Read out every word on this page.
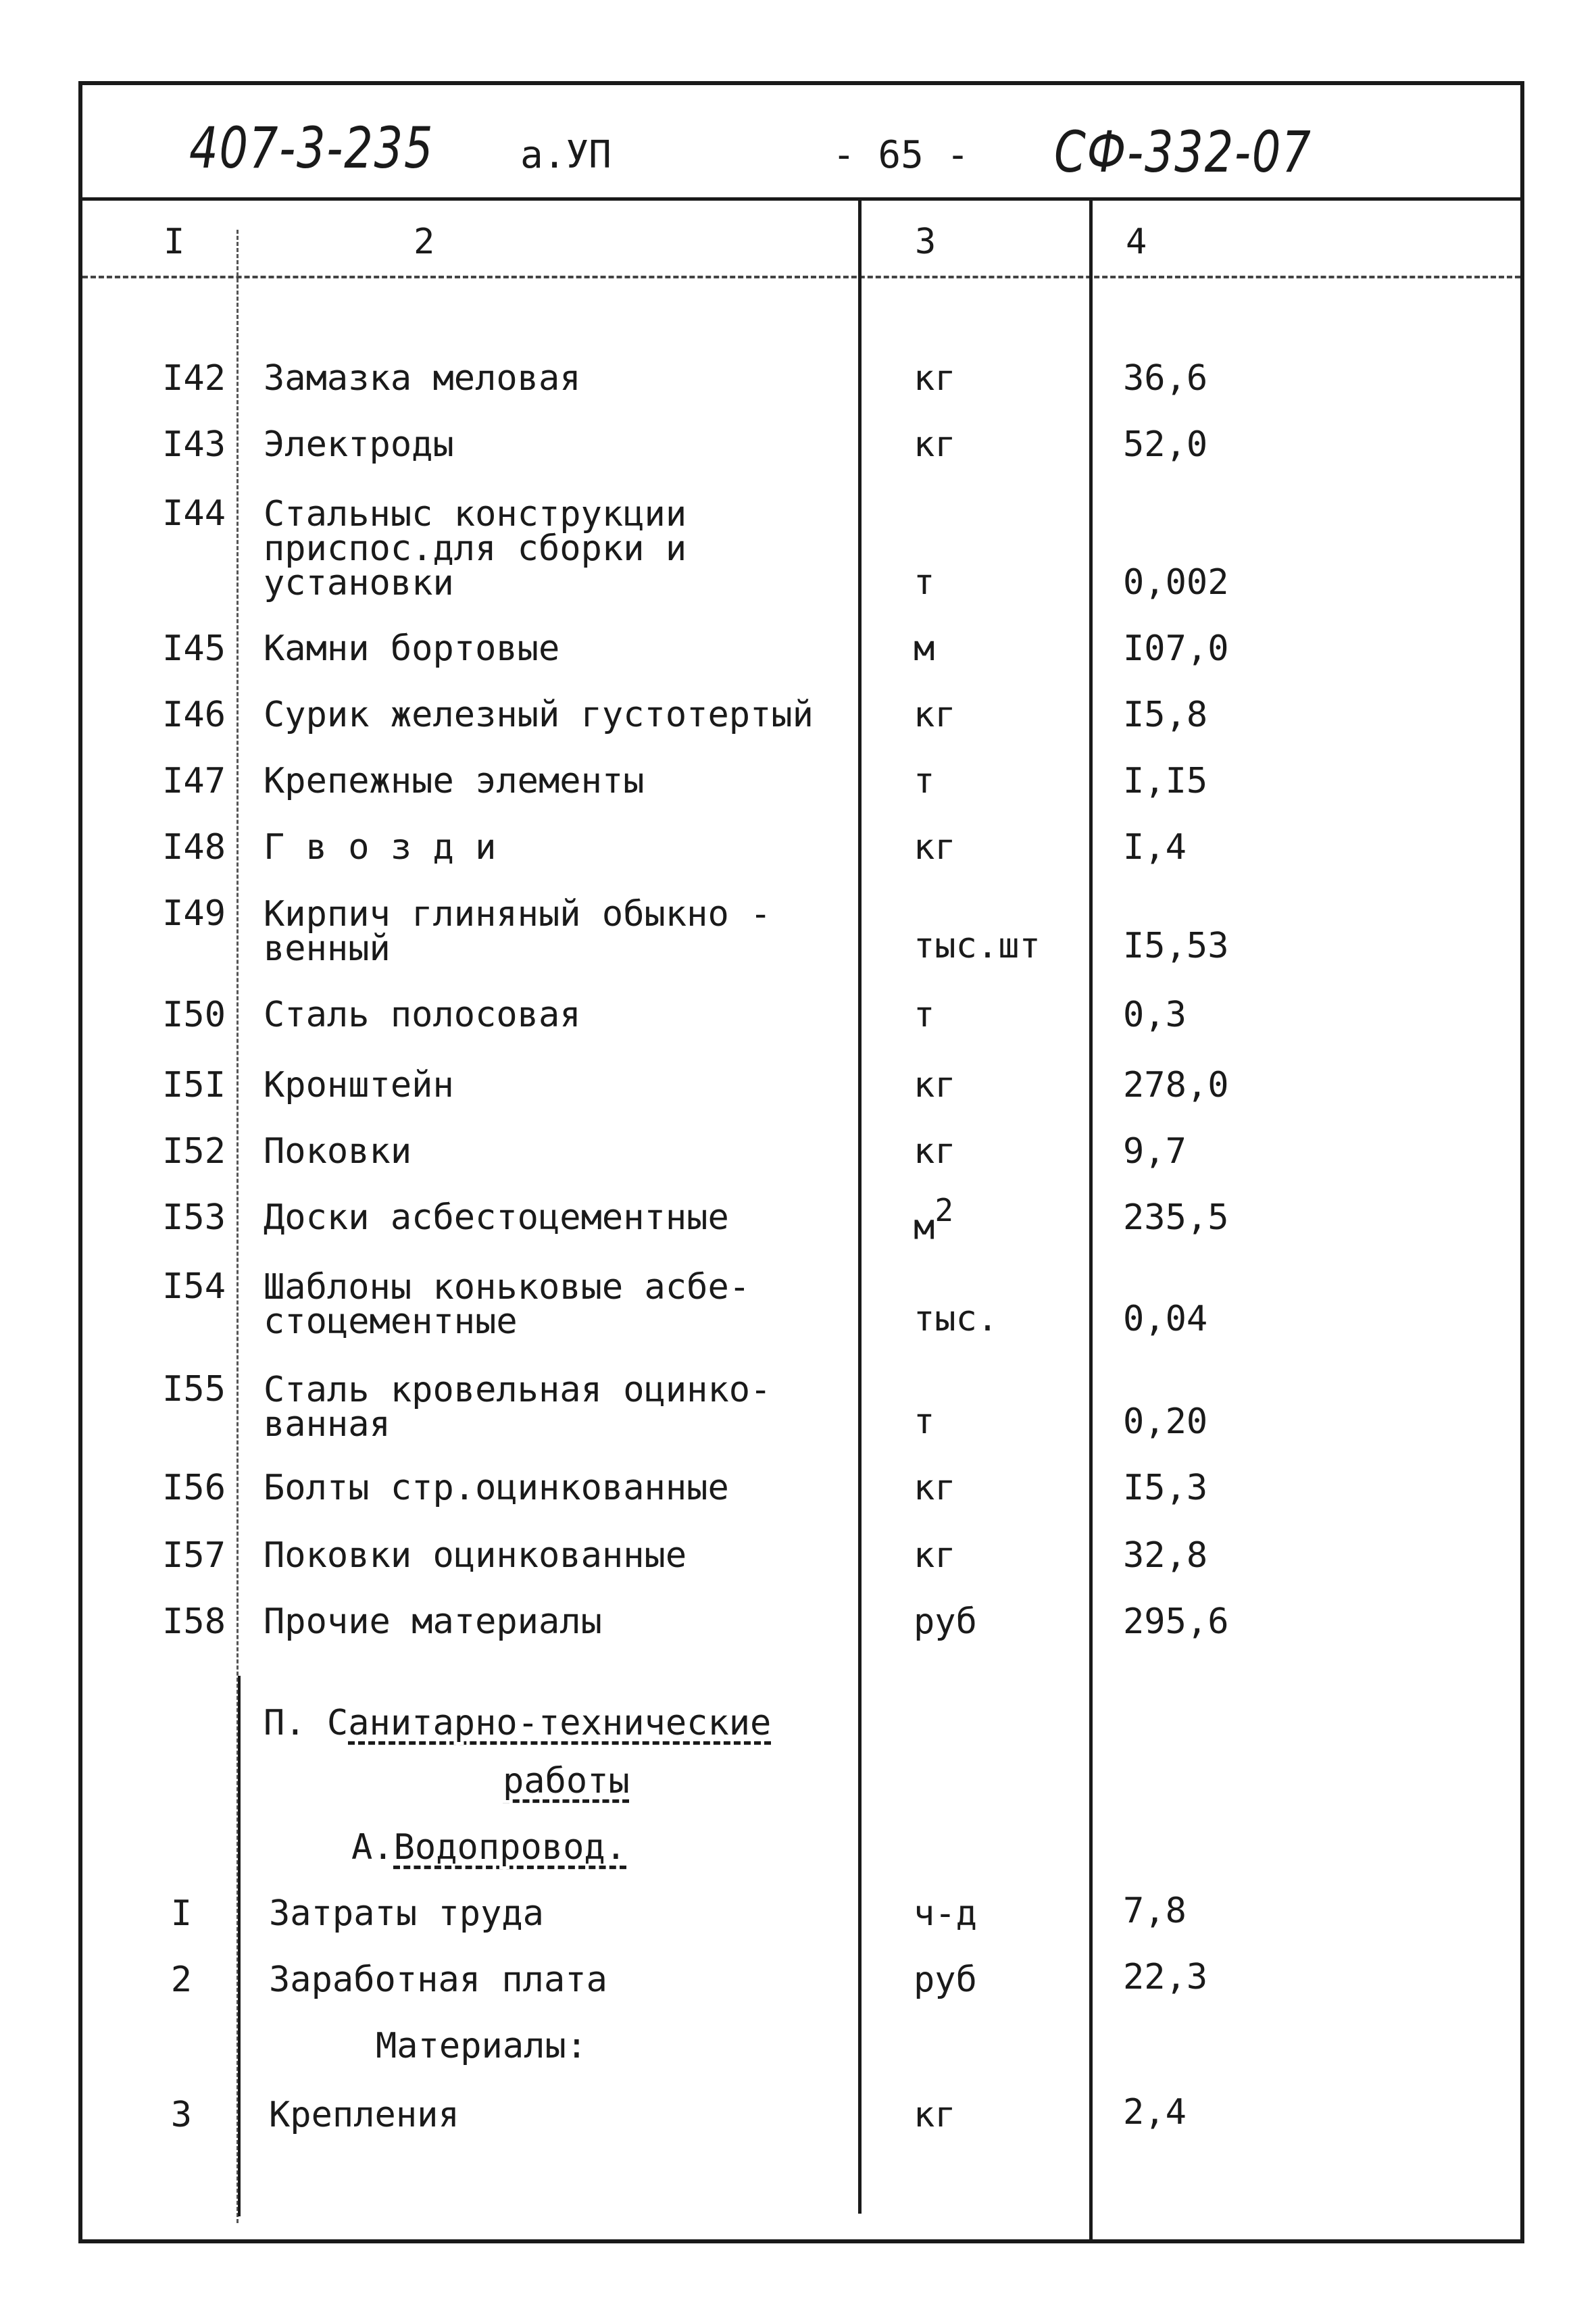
407-3-235 а.УП	- 65 - СФ-332-07
I	2	3	4
I42 Замазка меловая	кг	36,6
I43 Электроды	кг	52,0
I44 Стальныс конструкции
приспос.для сборки и
установки	т	0,002
I45 Камни бортовые	м	I07,0
I46 Сурик железный густотертый	кг	I5,8
I47 Крепежные элементы	т	I,I5
I48 Г в о з д и	кг	I,4
I49 Кирпич глиняный обыкно -
венный	тыс.шт I5,53
I50 Сталь полосовая	т	0,3
I5I Кронштейн	кг	278,0
I52 Поковки	кг	9,7
I53 Доски асбестоцементные	$м^2$	235,5
I54 Шаблоны коньковые асбе-
стоцементные	тыс.	0,04
I55 Сталь кровельная оцинко-
ванная	т	0,20
I56 Болты стр.оцинкованные	кг	I5,3
I57 Поковки оцинкованные	кг	32,8
I58 Прочие материалы	руб	295,6
П. Санитарно-технические
работы
А.Водопровод.
I Затраты труда	ч-д	7,8
2 Заработная плата	руб	22,3
Материалы:
3 Крепления	кг	2,4
